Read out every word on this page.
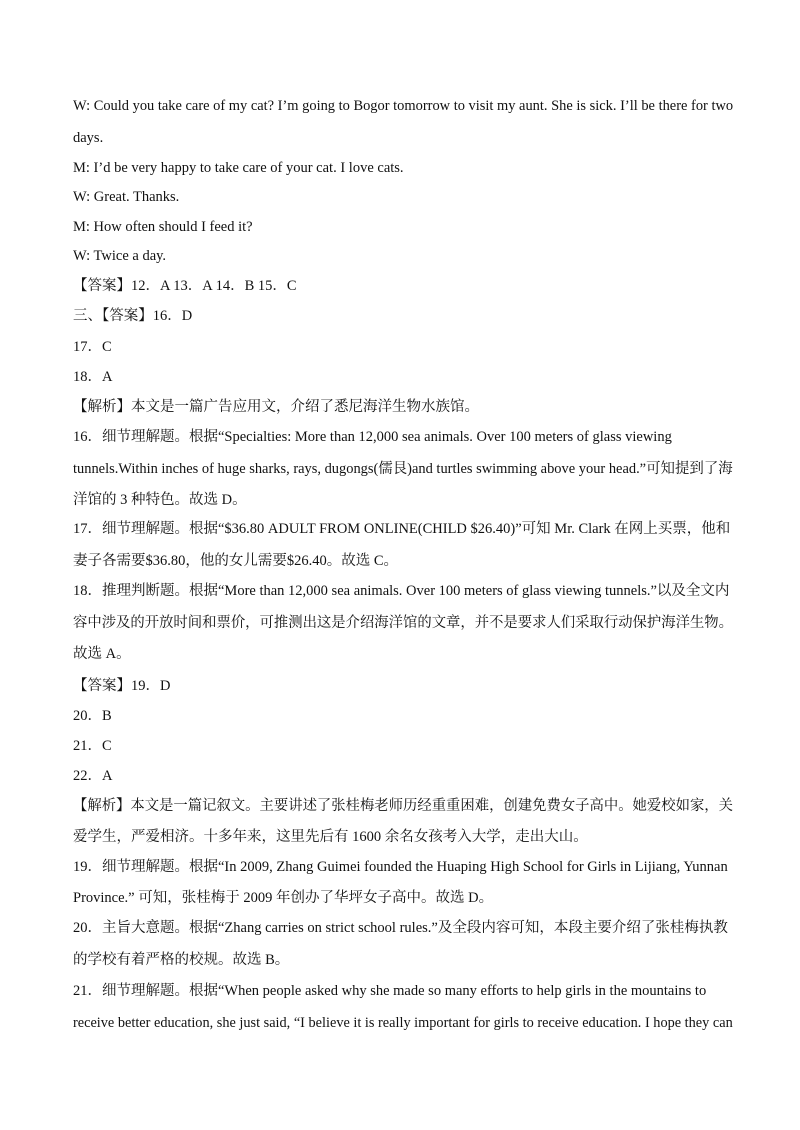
W: Could you take care of my cat? I’m going to Bogor tomorrow to visit my aunt. She is sick. I’ll be there for two
days.
M: I’d be very happy to take care of your cat. I love cats.
W: Great. Thanks.
M: How often should I feed it?
W: Twice a day.
【答案】12．A 13．A 14．B 15．C
三、【答案】16．D
17．C
18．A
【解析】本文是一篇广告应用文，介绍了悉尼海洋生物水族馆。
16．细节理解题。根据“Specialties: More than 12,000 sea animals. Over 100 meters of glass viewing
tunnels.Within inches of huge sharks, rays, dugongs(儒艮)and turtles swimming above your head.”可知提到了海
洋馆的 3 种特色。故选 D。
17．细节理解题。根据“$36.80 ADULT FROM ONLINE(CHILD $26.40)”可知 Mr. Clark 在网上买票，他和
妻子各需要$36.80，他的女儿需要$26.40。故选 C。
18．推理判断题。根据“More than 12,000 sea animals. Over 100 meters of glass viewing tunnels.”以及全文内
容中涉及的开放时间和票价，可推测出这是介绍海洋馆的文章，并不是要求人们采取行动保护海洋生物。
故选 A。
【答案】19．D
20．B
21．C
22．A
【解析】本文是一篇记叙文。主要讲述了张桂梅老师历经重重困难，创建免费女子高中。她爱校如家，关
爱学生，严爱相济。十多年来，这里先后有 1600 余名女孩考入大学，走出大山。
19．细节理解题。根据“In 2009, Zhang Guimei founded the Huaping High School for Girls in Lijiang, Yunnan
Province.” 可知，张桂梅于 2009 年创办了华坪女子高中。故选 D。
20．主旨大意题。根据“Zhang carries on strict school rules.”及全段内容可知，本段主要介绍了张桂梅执教
的学校有着严格的校规。故选 B。
21．细节理解题。根据“When people asked why she made so many efforts to help girls in the mountains to
receive better education, she just said, “I believe it is really important for girls to receive education. I hope they can
